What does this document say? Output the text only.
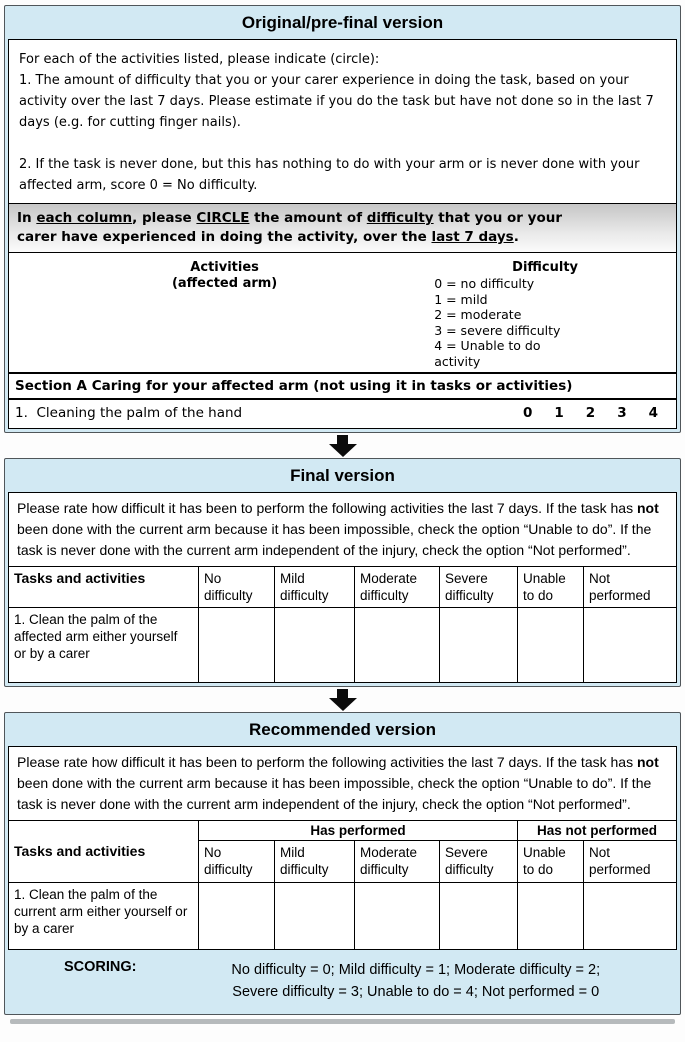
Original/pre-final version

For each of the activities listed, please indicate (circle):

1. The amount of difficulty that you or your carer experience in doing the task, based on your activity over the last 7 days. Please estimate if you do the task but have not done so in the last 7 days (e.g. for cutting finger nails).

2. If the task is never done, but this has nothing to do with your arm or is never done with your affected arm, score 0 = No difficulty.

In each column, please CIRCLE the amount of difficulty that you or your carer have experienced in doing the activity, over the last 7 days.
Activities
(affected arm)
Difficulty
0 = no difficulty
1 = mild
2 = moderate
3 = severe difficulty
4 = Unable to do
activity
Section A Caring for your affected arm (not using it in tasks or activities)
1.  Cleaning the palm of the hand	0 1 2 3 4
Final version
Please rate how difficult it has been to perform the following activities the last 7 days. If the task has not been done with the current arm because it has been impossible, check the option “Unable to do”. If the task is never done with the current arm independent of the injury, check the option “Not performed”.
Tasks and activities	No difficulty	Mild difficulty	Moderate difficulty	Severe difficulty	Unable to do	Not performed
1. Clean the palm of the affected arm either yourself or by a carer						
Recommended version
Please rate how difficult it has been to perform the following activities the last 7 days. If the task has not been done with the current arm because it has been impossible, check the option “Unable to do”. If the task is never done with the current arm independent of the injury, check the option “Not performed”.
Tasks and activities	Has performed				Has not performed	
	No difficulty	Mild difficulty	Moderate difficulty	Severe difficulty	Unable to do	Not performed
1. Clean the palm of the current arm either yourself or by a carer						
SCORING:	No difficulty = 0; Mild difficulty = 1; Moderate difficulty = 2;
Severe difficulty = 3; Unable to do = 4; Not performed = 0
